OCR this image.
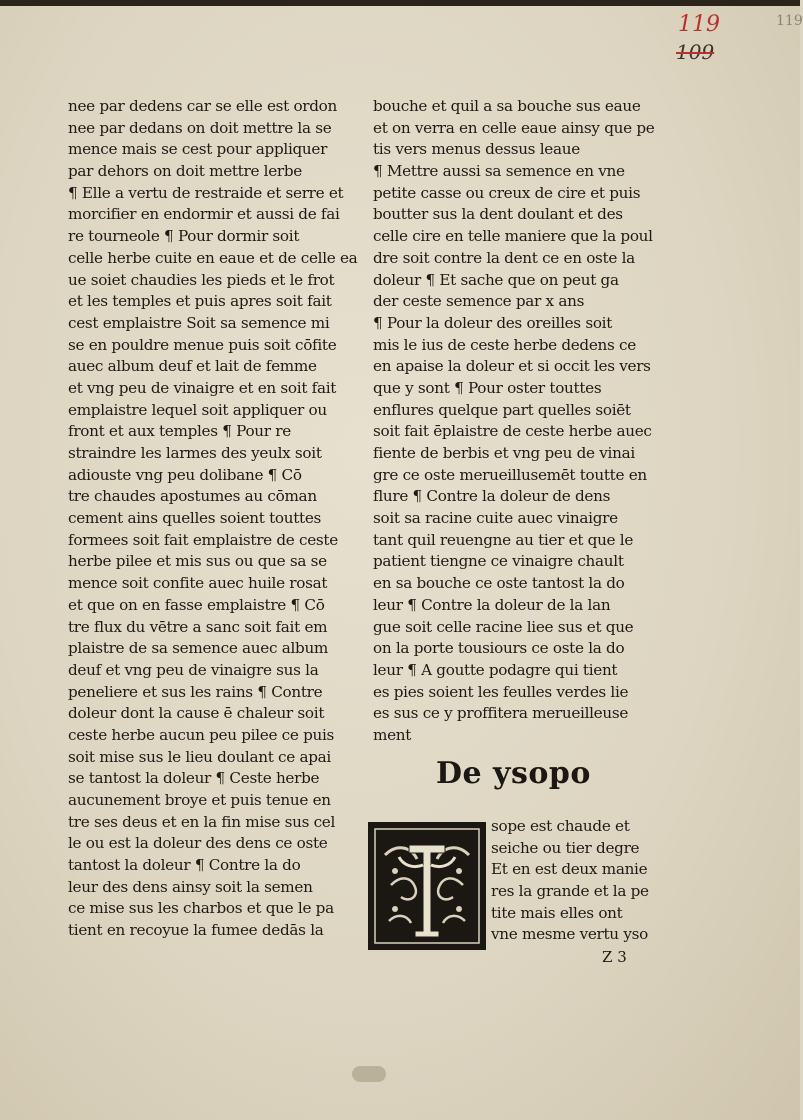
119
109
119
nee par dedens car se elle est ordon
nee par dedans on doit mettre la se
mence mais se cest pour appliquer
par dehors on doit mettre lerbe
¶ Elle a vertu de restraide et serre et
morcifier en endormir et aussi de fai
re tourneole ¶ Pour dormir soit
celle herbe cuite en eaue et de celle ea
ue soiet chaudies les pieds et le frot
et les temples et puis apres soit fait
cest emplaistre Soit sa semence mi
se en pouldre menue puis soit cōfite
auec album deuf et lait de femme
et vng peu de vinaigre et en soit fait
emplaistre lequel soit appliquer ou
front et aux temples ¶ Pour re
straindre les larmes des yeulx soit
adiouste vng peu dolibane ¶ Cō
tre chaudes apostumes au cōman
cement ains quelles soient touttes
formees soit fait emplaistre de ceste
herbe pilee et mis sus ou que sa se
mence soit confite auec huile rosat
et que on en fasse emplaistre ¶ Cō
tre flux du vētre a sanc soit fait em
plaistre de sa semence auec album
deuf et vng peu de vinaigre sus la
peneliere et sus les rains ¶ Contre
doleur dont la cause ē chaleur soit
ceste herbe aucun peu pilee ce puis
soit mise sus le lieu doulant ce apai
se tantost la doleur ¶ Ceste herbe
aucunement broye et puis tenue en
tre ses deus et en la fin mise sus cel
le ou est la doleur des dens ce oste
tantost la doleur ¶ Contre la do
leur des dens ainsy soit la semen
ce mise sus les charbos et que le pa
tient en recoyue la fumee dedās la
bouche et quil a sa bouche sus eaue
et on verra en celle eaue ainsy que pe
tis vers menus dessus leaue
¶ Mettre aussi sa semence en vne
petite casse ou creux de cire et puis
boutter sus la dent doulant et des
celle cire en telle maniere que la poul
dre soit contre la dent ce en oste la
doleur ¶ Et sache que on peut ga
der ceste semence par x ans
¶ Pour la doleur des oreilles soit
mis le ius de ceste herbe dedens ce
en apaise la doleur et si occit les vers
que y sont ¶ Pour oster touttes
enflures quelque part quelles soiēt
soit fait ēplaistre de ceste herbe auec
fiente de berbis et vng peu de vinai
gre ce oste merueillusemēt toutte en
flure ¶ Contre la doleur de dens
soit sa racine cuite auec vinaigre
tant quil reuengne au tier et que le
patient tiengne ce vinaigre chault
en sa bouche ce oste tantost la do
leur ¶ Contre la doleur de la lan
gue soit celle racine liee sus et que
on la porte tousiours ce oste la do
leur ¶ A goutte podagre qui tient
es pies soient les feulles verdes lie
es sus ce y proffitera merueilleuse
ment
De ysopo
sope est chaude et
seiche ou tier degre
Et en est deux manie
res la grande et la pe
tite mais elles ont
vne mesme vertu yso
Z 3
